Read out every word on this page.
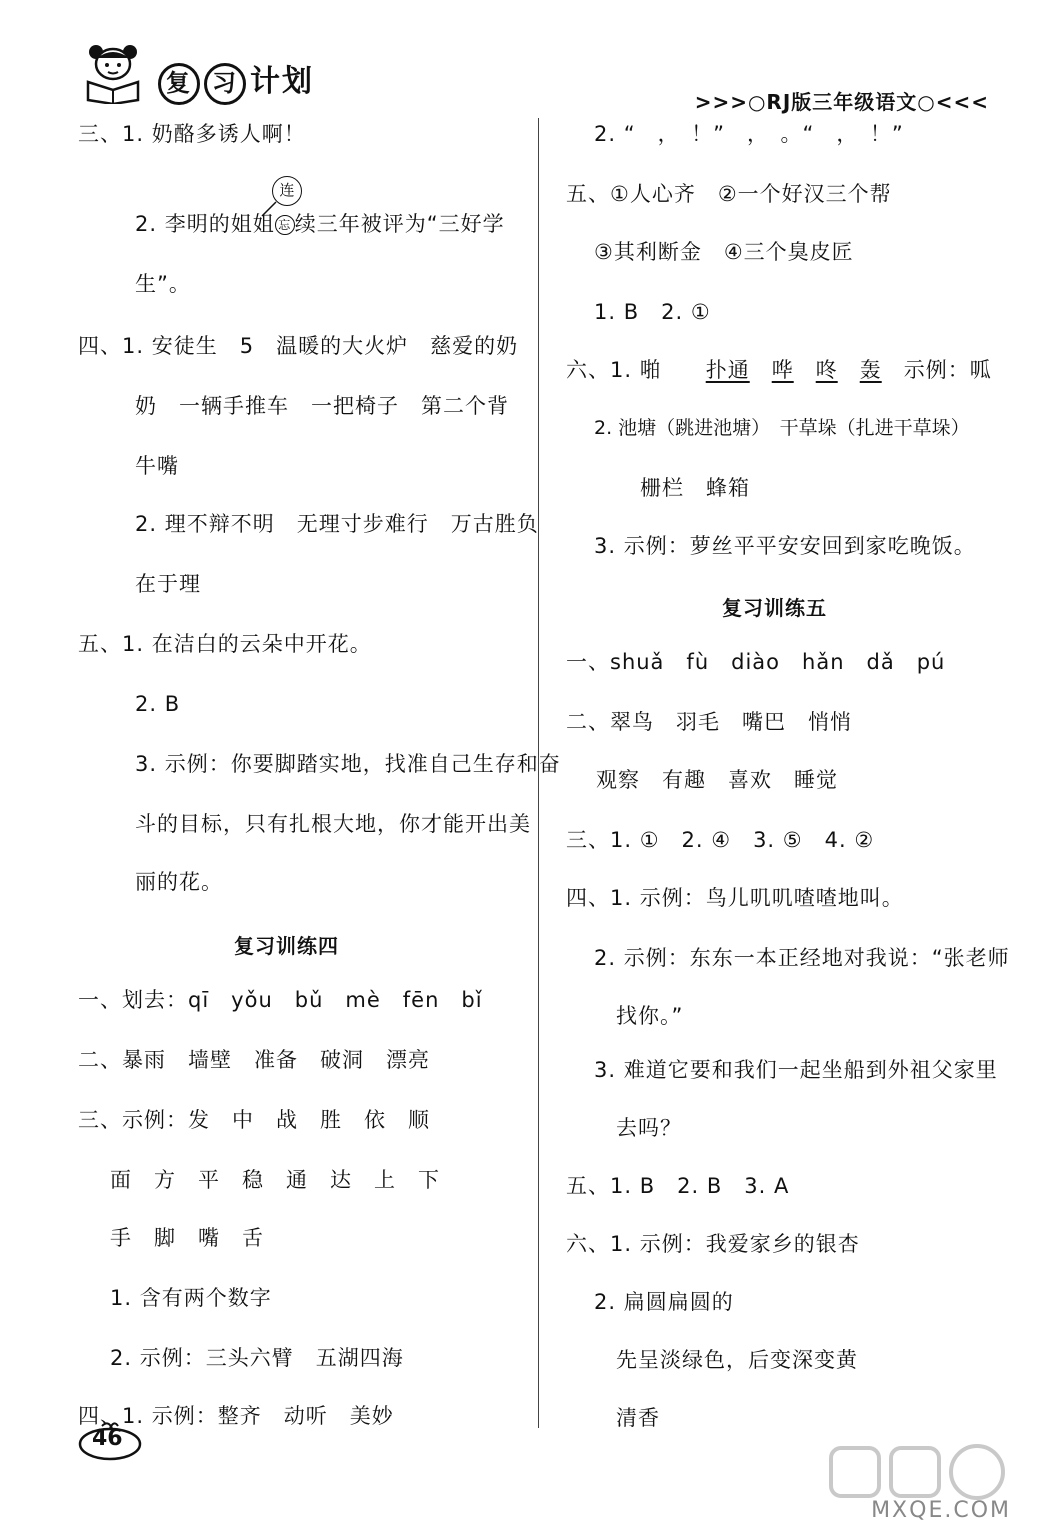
复 习 计划
>>>○RJ版三年级语文○<<<
三、1. 奶酪多诱人啊！
连
2. 李明的姐姐 忘 续三年被评为“三好学
生”。
四、1. 安徒生　5　温暖的大火炉　慈爱的奶
奶　一辆手推车　一把椅子　第二个背
牛嘴
2. 理不辩不明　无理寸步难行　万古胜负
在于理
五、1. 在洁白的云朵中开花。
2. B
3. 示例：你要脚踏实地，找准自己生存和奋
斗的目标，只有扎根大地，你才能开出美
丽的花。
复习训练四
一、划去：qī　yǒu　bǔ　mè　fēn　bǐ
二、暴雨　墙壁　准备　破洞　漂亮
三、示例：发　中　战　胜　依　顺
面　方　平　稳　通　达　上　下
手　脚　嘴　舌
1. 含有两个数字
2. 示例：三头六臂　五湖四海
四、1. 示例：整齐　动听　美妙
2. “　，　！”　，　。“　，　！”
五、①人心齐　②一个好汉三个帮
③其利断金　④三个臭皮匠
1. B　2. ①
六、1. 啪　　 扑通　 哗　 咚　 轰　 示例：呱
2. 池塘（跳进池塘）　干草垛（扎进干草垛）
栅栏　蜂箱
3. 示例：萝丝平平安安回到家吃晚饭。
复习训练五
一、shuǎ　fù　diào　hǎn　dǎ　pú
二、翠鸟　羽毛　嘴巴　悄悄
观察　有趣　喜欢　睡觉
三、1. ①　2. ④　3. ⑤　4. ②
四、1. 示例：鸟儿叽叽喳喳地叫。
2. 示例：东东一本正经地对我说：“张老师
找你。”
3. 难道它要和我们一起坐船到外祖父家里
去吗？
五、1. B　2. B　3. A
六、1. 示例：我爱家乡的银杏
2. 扁圆扁圆的
先呈淡绿色，后变深变黄
清香
46
MXQE.COM
